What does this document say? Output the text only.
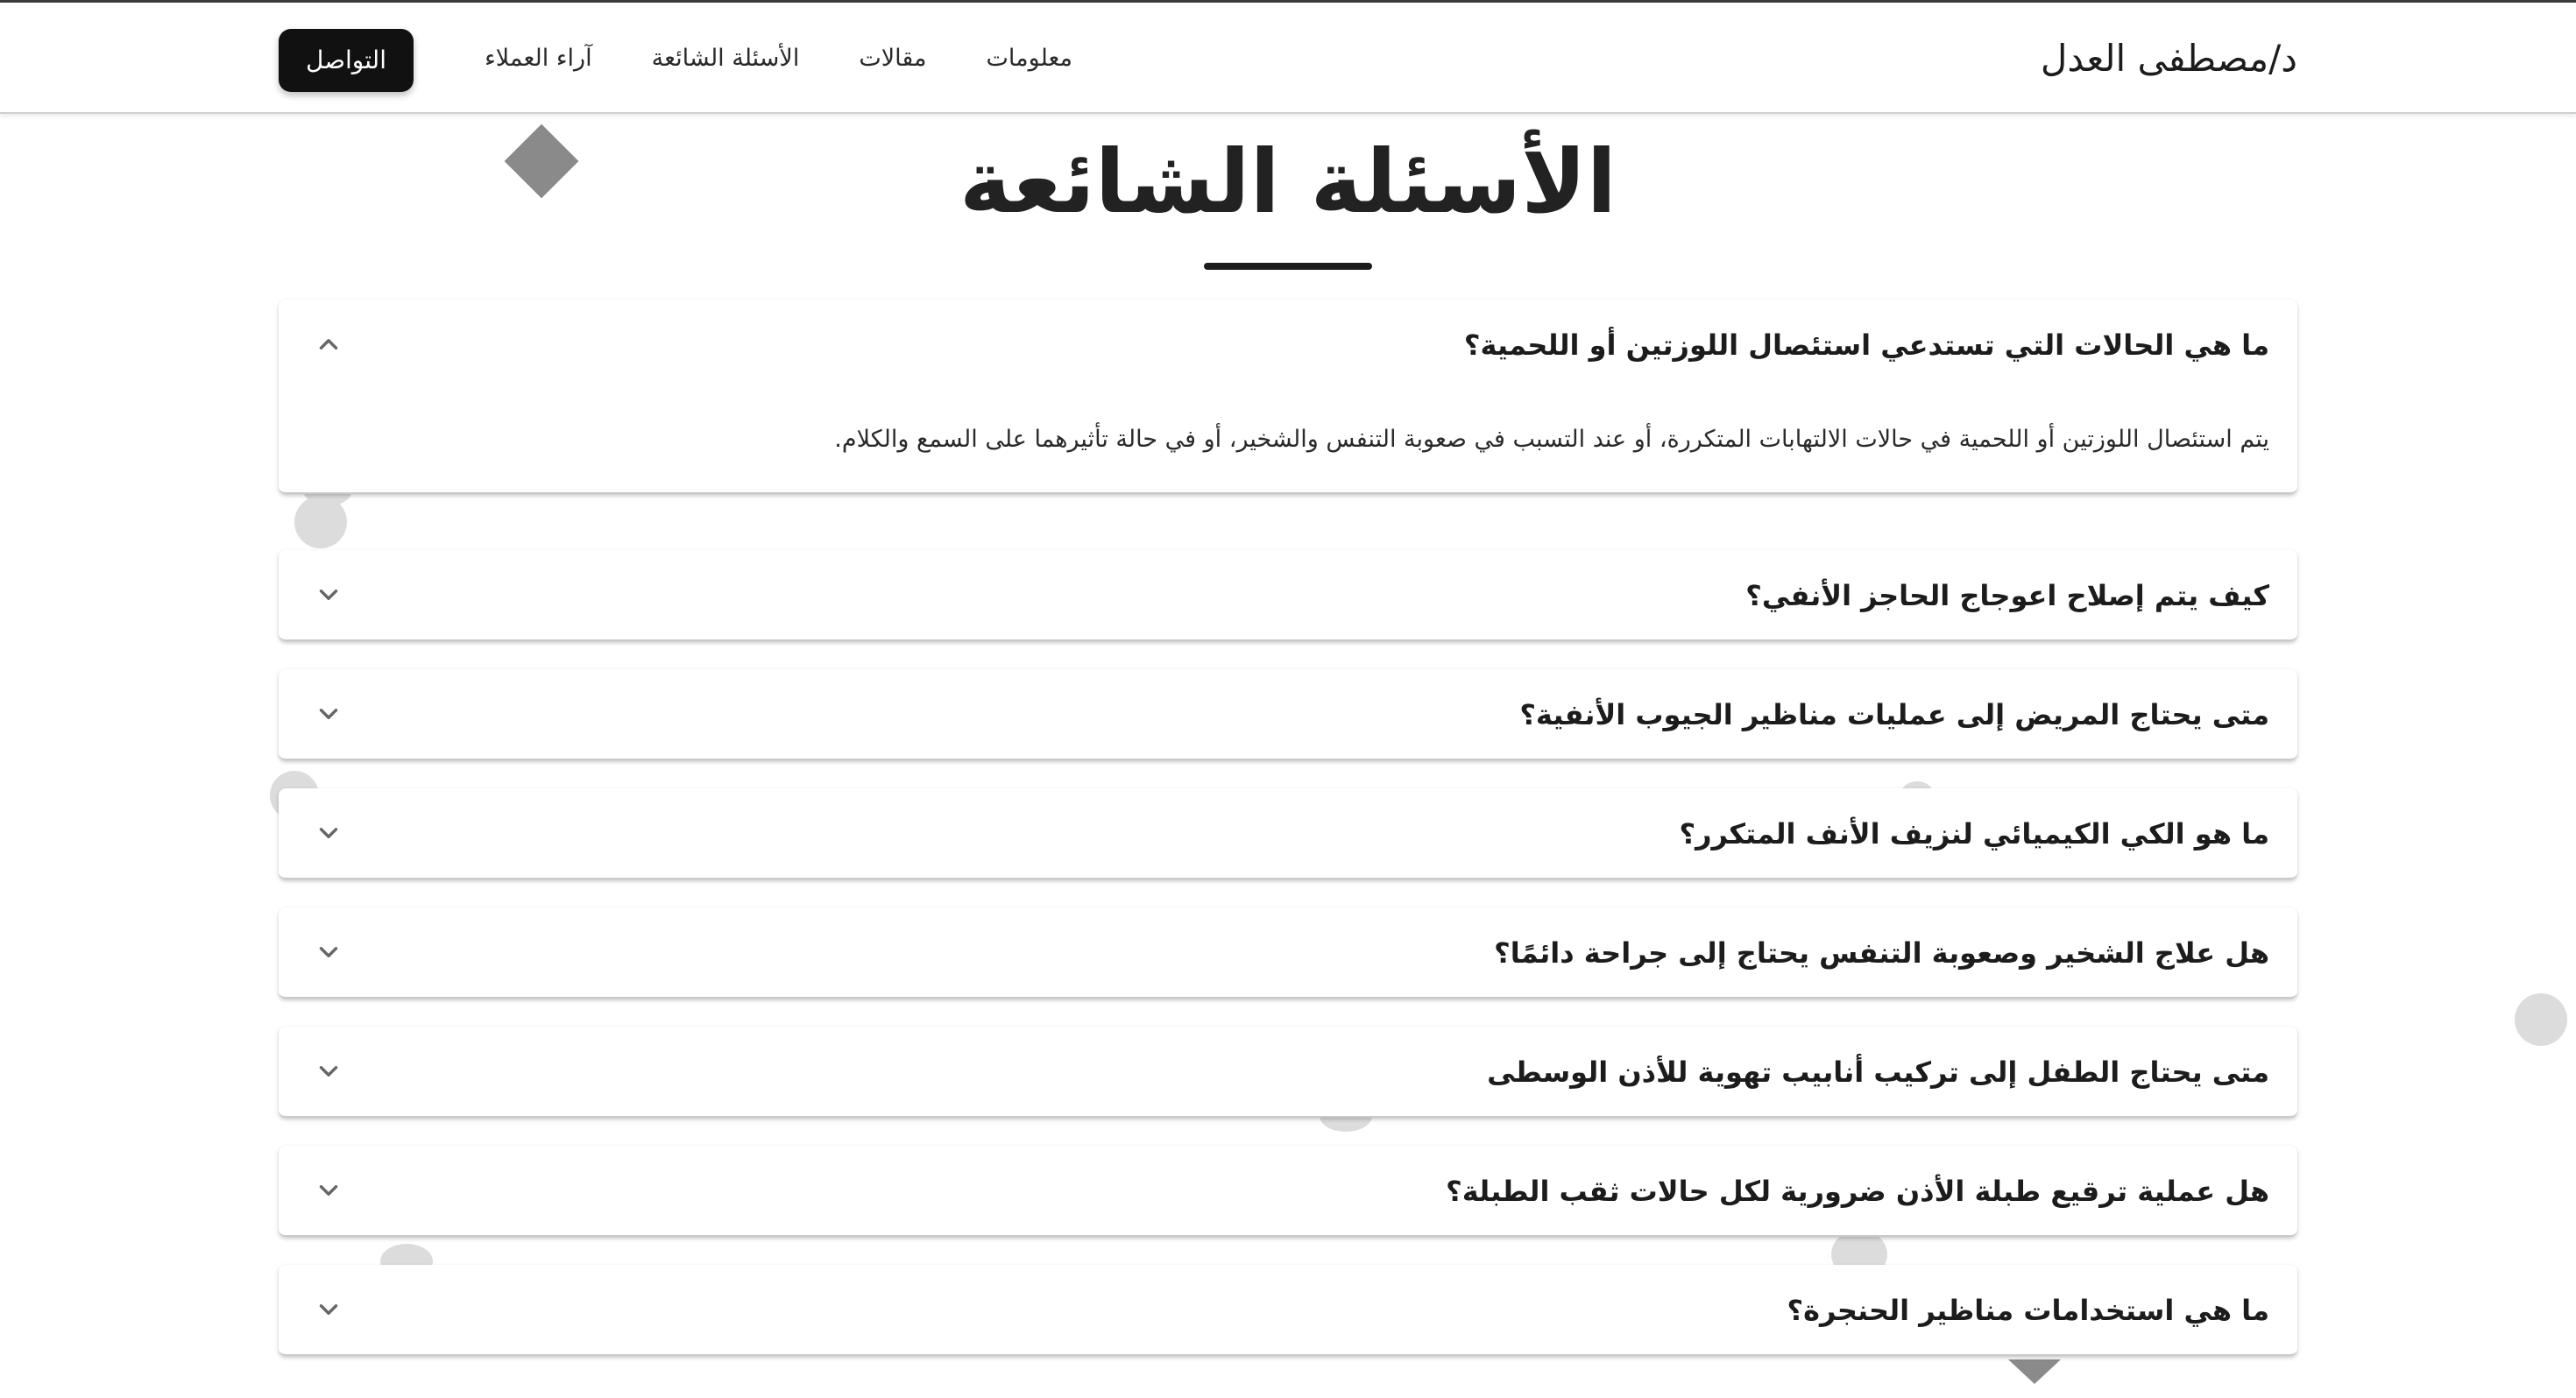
د/مصطفى العدل
معلومات
مقالات
الأسئلة الشائعة
آراء العملاء
التواصل
الأسئلة الشائعة
ما هي الحالات التي تستدعي استئصال اللوزتين أو اللحمية؟
يتم استئصال اللوزتين أو اللحمية في حالات الالتهابات المتكررة، أو عند التسبب في صعوبة التنفس والشخير، أو في حالة تأثيرهما على السمع والكلام.
كيف يتم إصلاح اعوجاج الحاجز الأنفي؟
متى يحتاج المريض إلى عمليات مناظير الجيوب الأنفية؟
ما هو الكي الكيميائي لنزيف الأنف المتكرر؟
هل علاج الشخير وصعوبة التنفس يحتاج إلى جراحة دائمًا؟
متى يحتاج الطفل إلى تركيب أنابيب تهوية للأذن الوسطى
هل عملية ترقيع طبلة الأذن ضرورية لكل حالات ثقب الطبلة؟
ما هي استخدامات مناظير الحنجرة؟
